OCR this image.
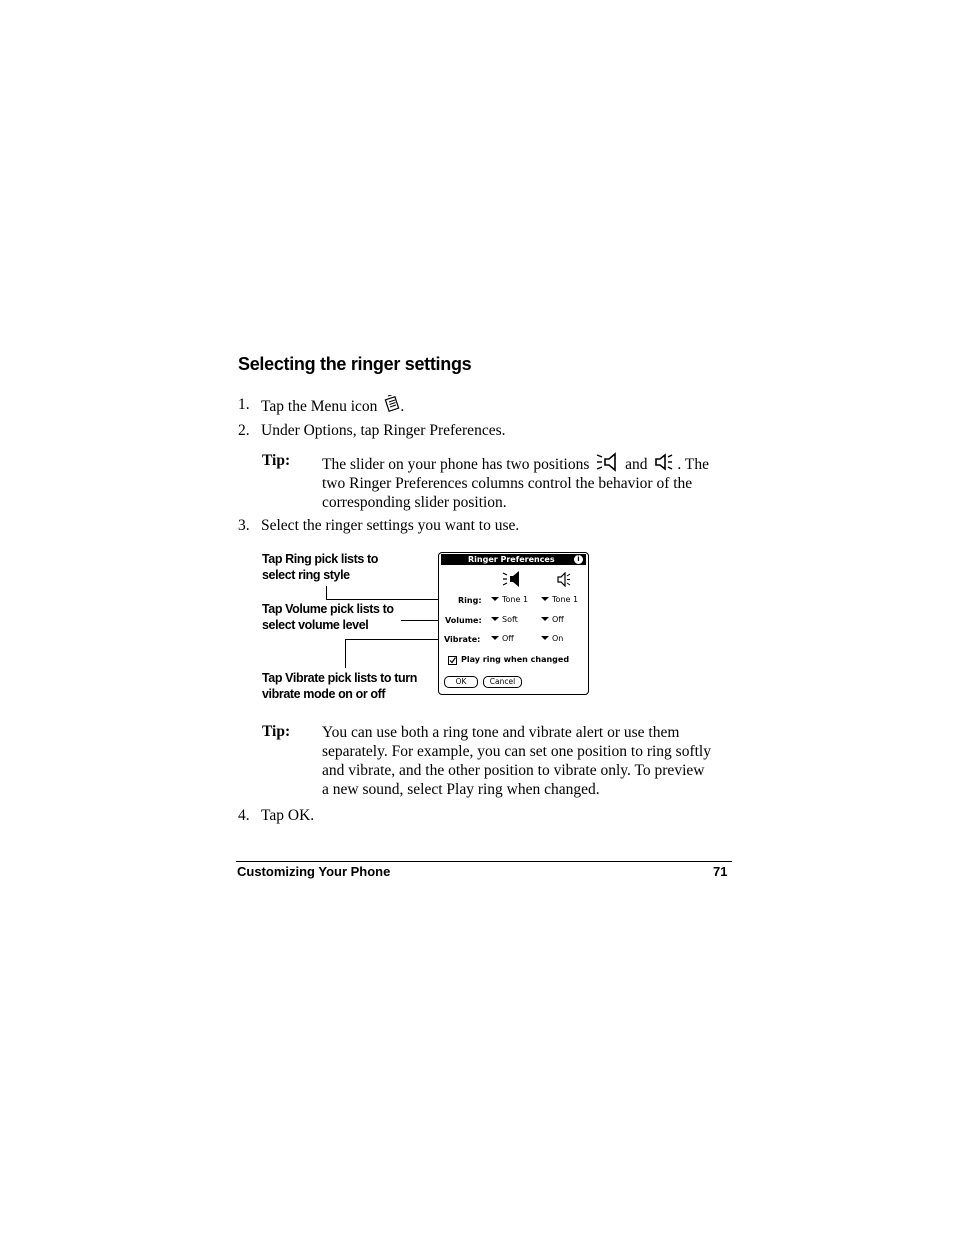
Selecting the ringer settings
1. Tap the Menu icon .
2. Under Options, tap Ringer Preferences.
Tip: The slider on your phone has two positions and . The
two Ringer Preferences columns control the behavior of the
corresponding slider position.
3. Select the ringer settings you want to use.
Tap Ring pick lists to
select ring style
Tap Volume pick lists to
select volume level
Tap Vibrate pick lists to turn
vibrate mode on or off
Ringer Preferences	i
Ring:	Tone 1	Tone 1
Volume:	Soft	Off
Vibrate:	Off	On
Play ring when changed
OK	Cancel
Tip: You can use both a ring tone and vibrate alert or use them
separately. For example, you can set one position to ring softly
and vibrate, and the other position to vibrate only. To preview
a new sound, select Play ring when changed.
4. Tap OK.
Customizing Your Phone	71
